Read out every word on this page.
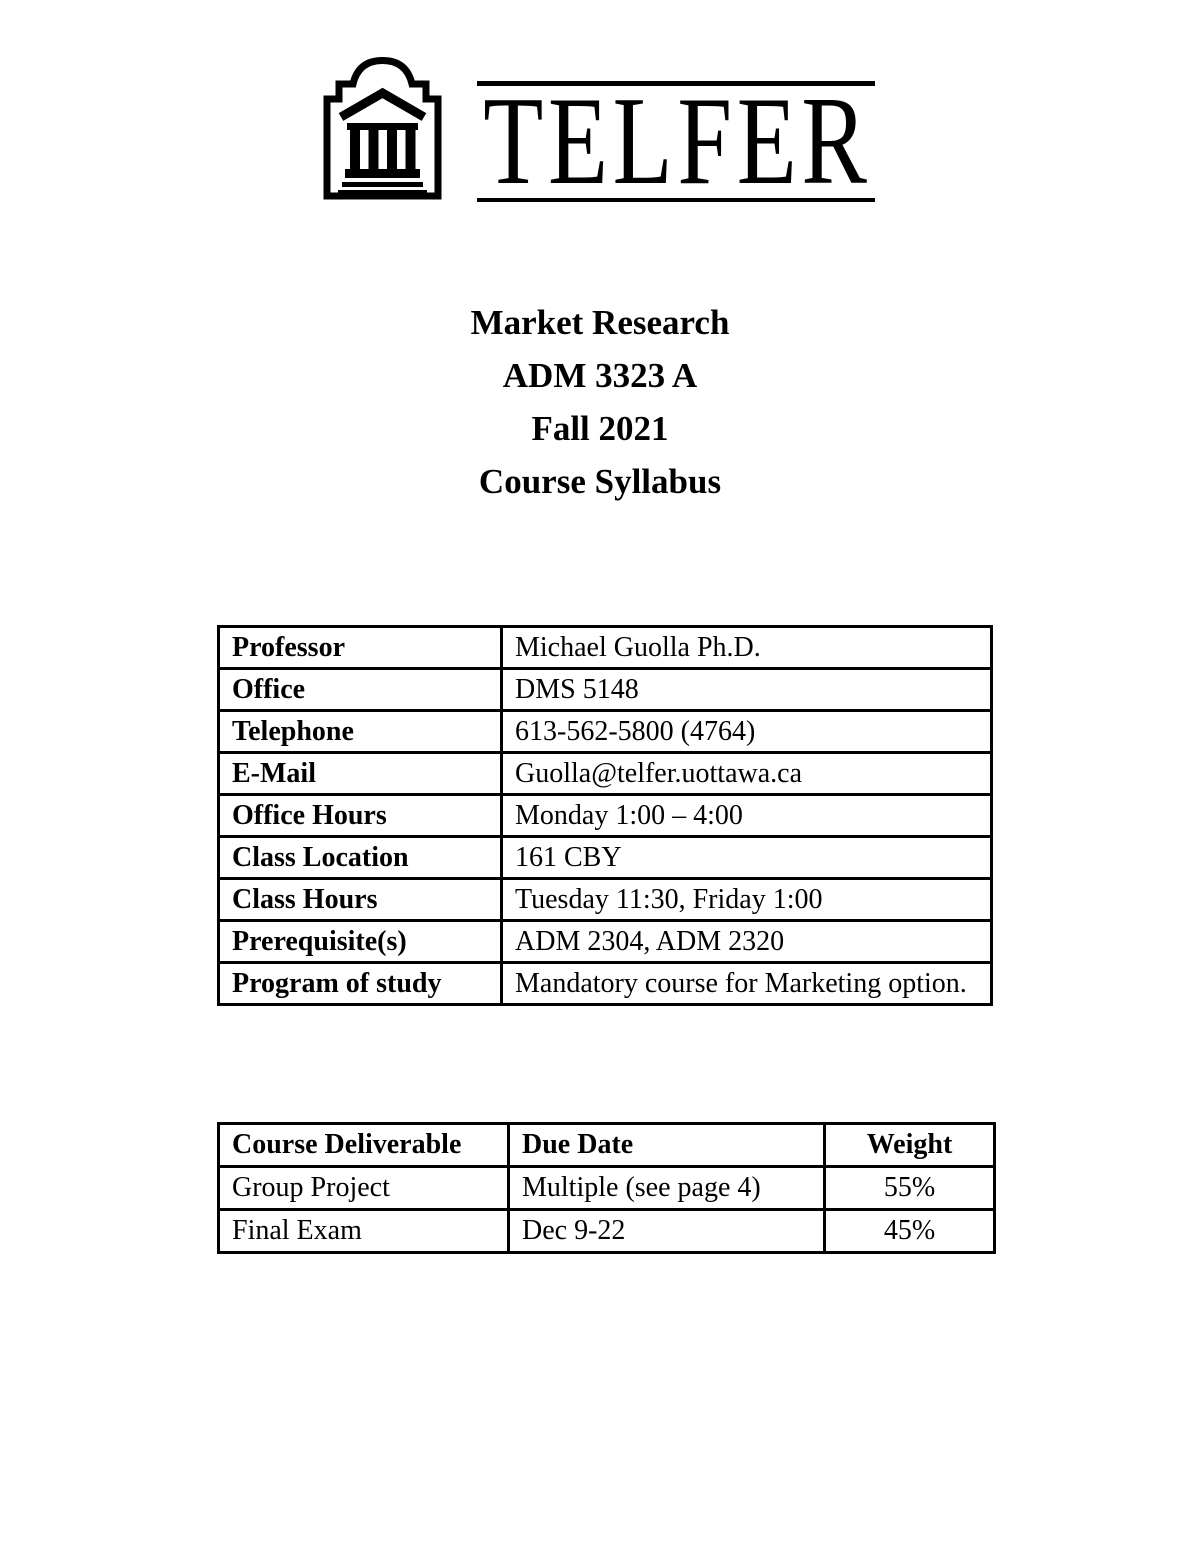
TELFER
Market Research
ADM 3323 A
Fall 2021
Course Syllabus
Professor	Michael Guolla Ph.D.
Office	DMS 5148
Telephone	613-562-5800 (4764)
E-Mail	Guolla@telfer.uottawa.ca
Office Hours	Monday 1:00 – 4:00
Class Location	161 CBY
Class Hours	Tuesday 11:30, Friday 1:00
Prerequisite(s)	ADM 2304, ADM 2320
Program of study	Mandatory course for Marketing option.
Course Deliverable	Due Date	Weight
Group Project	Multiple (see page 4)	55%
Final Exam	Dec 9-22	45%
